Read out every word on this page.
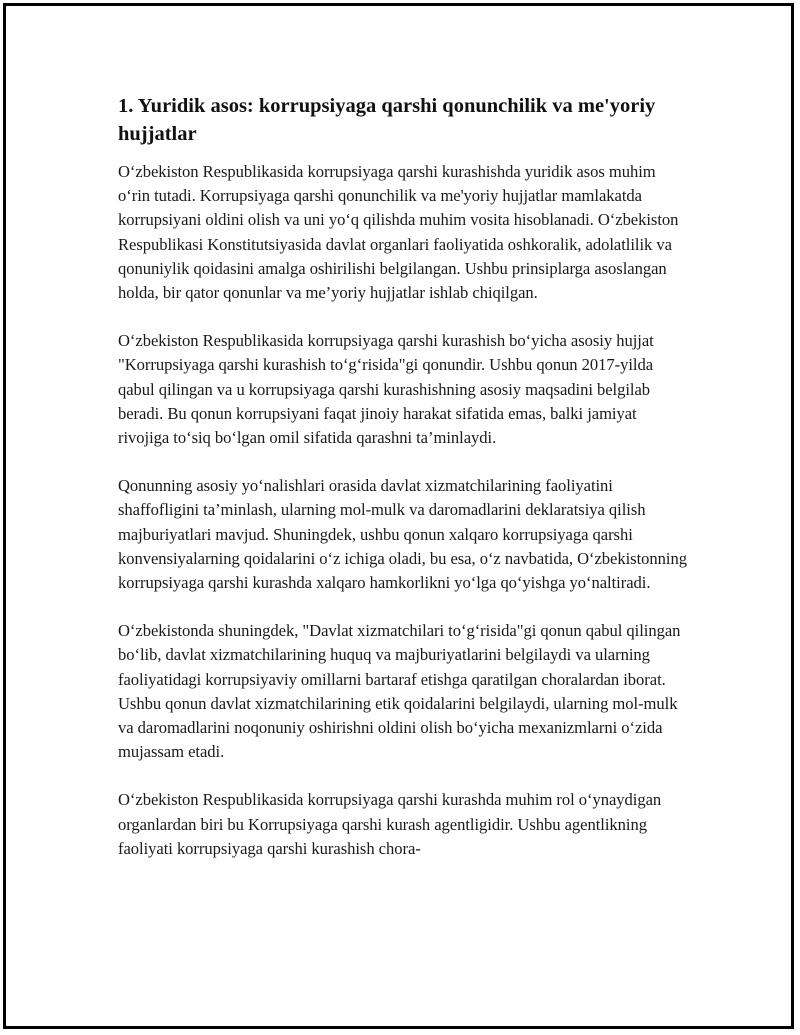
1. Yuridik asos: korrupsiyaga qarshi qonunchilik va me'yoriy hujjatlar

O‘zbekiston Respublikasida korrupsiyaga qarshi kurashishda yuridik asos muhim o‘rin tutadi. Korrupsiyaga qarshi qonunchilik va me'yoriy hujjatlar mamlakatda korrupsiyani oldini olish va uni yo‘q qilishda muhim vosita hisoblanadi. O‘zbekiston Respublikasi Konstitutsiyasida davlat organlari faoliyatida oshkoralik, adolatlilik va qonuniylik qoidasini amalga oshirilishi belgilangan. Ushbu prinsiplarga asoslangan holda, bir qator qonunlar va me’yoriy hujjatlar ishlab chiqilgan.

O‘zbekiston Respublikasida korrupsiyaga qarshi kurashish bo‘yicha asosiy hujjat "Korrupsiyaga qarshi kurashish to‘g‘risida"gi qonundir. Ushbu qonun 2017-yilda qabul qilingan va u korrupsiyaga qarshi kurashishning asosiy maqsadini belgilab beradi. Bu qonun korrupsiyani faqat jinoiy harakat sifatida emas, balki jamiyat rivojiga to‘siq bo‘lgan omil sifatida qarashni ta’minlaydi.

Qonunning asosiy yo‘nalishlari orasida davlat xizmatchilarining faoliyatini shaffofligini ta’minlash, ularning mol-mulk va daromadlarini deklaratsiya qilish majburiyatlari mavjud. Shuningdek, ushbu qonun xalqaro korrupsiyaga qarshi konvensiyalarning qoidalarini o‘z ichiga oladi, bu esa, o‘z navbatida, O‘zbekistonning korrupsiyaga qarshi kurashda xalqaro hamkorlikni yo‘lga qo‘yishga yo‘naltiradi.

O‘zbekistonda shuningdek, "Davlat xizmatchilari to‘g‘risida"gi qonun qabul qilingan bo‘lib, davlat xizmatchilarining huquq va majburiyatlarini belgilaydi va ularning faoliyatidagi korrupsiyaviy omillarni bartaraf etishga qaratilgan choralardan iborat. Ushbu qonun davlat xizmatchilarining etik qoidalarini belgilaydi, ularning mol-mulk va daromadlarini noqonuniy oshirishni oldini olish bo‘yicha mexanizmlarni o‘zida mujassam etadi.

O‘zbekiston Respublikasida korrupsiyaga qarshi kurashda muhim rol o‘ynaydigan organlardan biri bu Korrupsiyaga qarshi kurash agentligidir. Ushbu agentlikning faoliyati korrupsiyaga qarshi kurashish chora-
